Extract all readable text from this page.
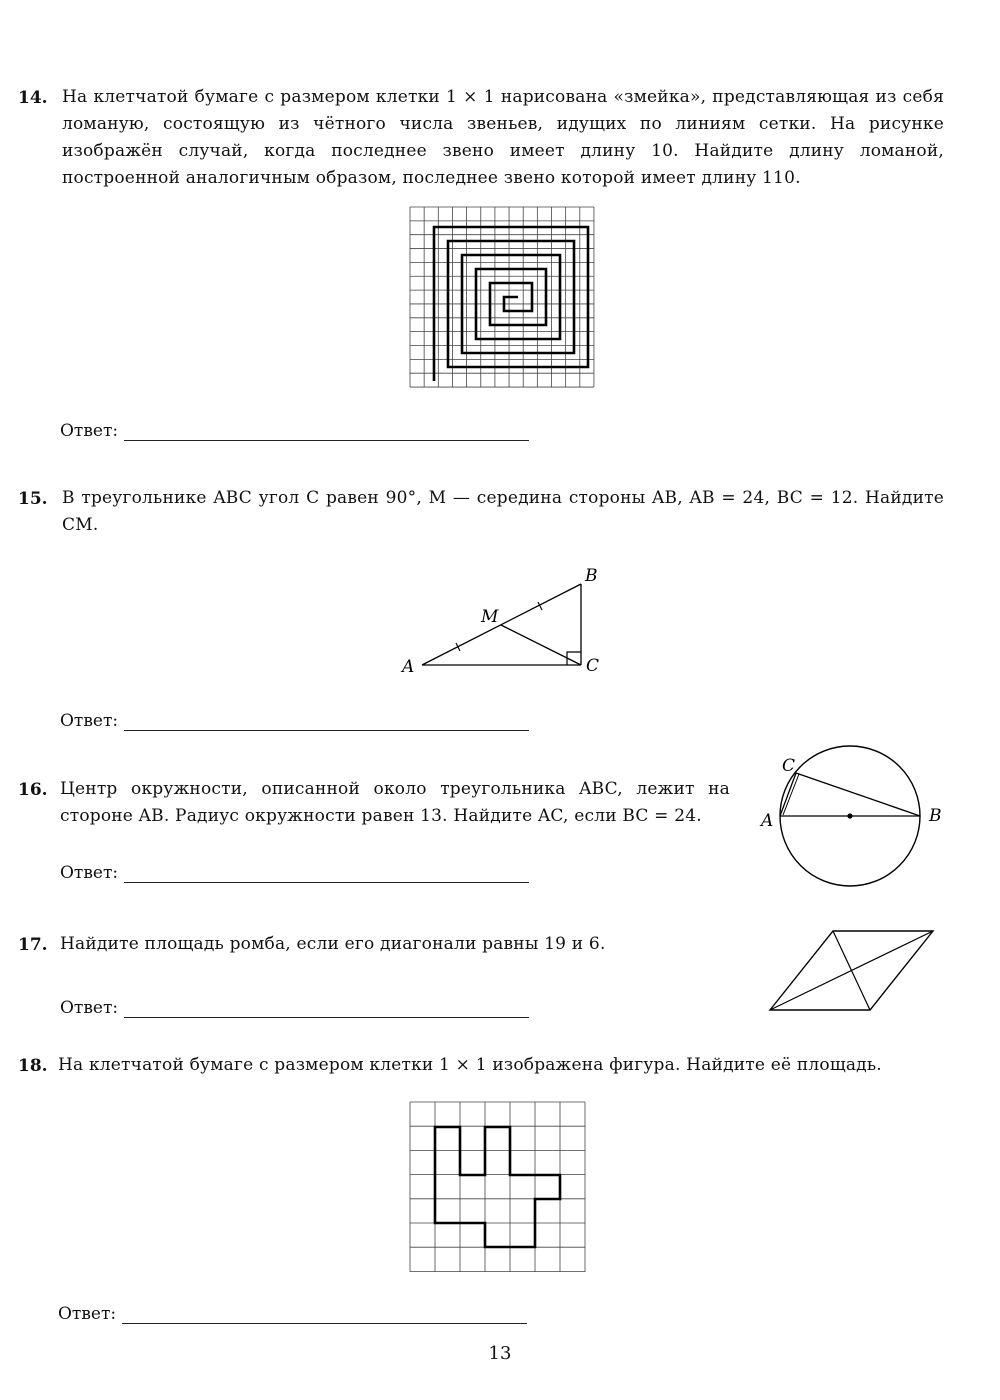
14. На клетчатой бумаге с размером клетки 1 × 1 нарисована «змейка», представляющая из себя ломаную, состоящую из чётного числа звеньев, идущих по линиям сетки. На рисунке изображён случай, когда последнее звено имеет длину 10. Найдите длину ломаной, построенной аналогичным образом, последнее звено которой имеет длину 110.
Ответ:
15. В треугольнике ABC угол C равен 90°, M — середина стороны AB, AB = 24, BC = 12. Найдите CM.
A
B
C
M
Ответ:
16. Центр окружности, описанной около треугольника ABC, лежит на стороне AB. Радиус окружности равен 13. Найдите AC, если BC = 24.	A	B
C
Ответ:
17. Найдите площадь ромба, если его диагонали равны 19 и 6.
Ответ:
18. На клетчатой бумаге с размером клетки 1 × 1 изображена фигура. Найдите её площадь.
Ответ:
13
